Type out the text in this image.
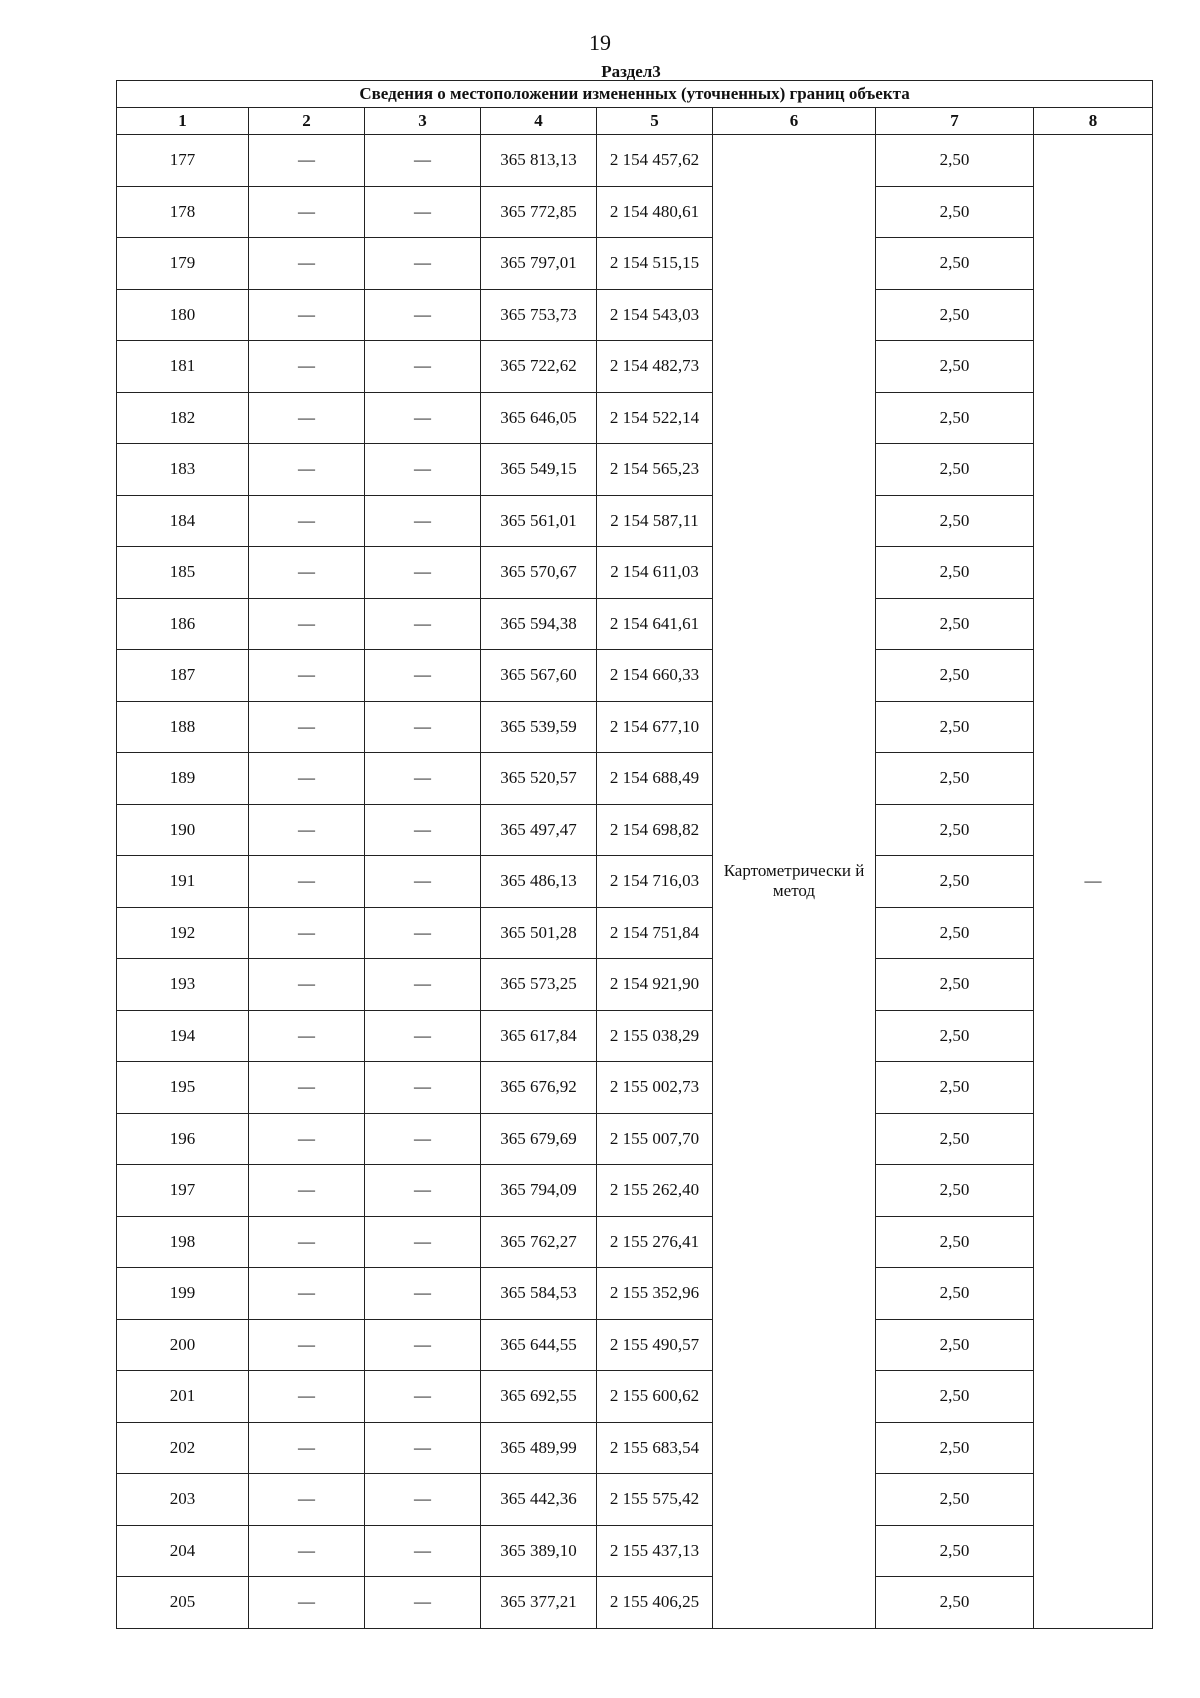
19
Раздел3
Сведения о местоположении измененных (уточненных) границ объекта							
1	2	3	4	5	6	7	8
177	—	—	365 813,13	2 154 457,62	Картометрически й метод	2,50	—
178	—	—	365 772,85	2 154 480,61		2,50	
179	—	—	365 797,01	2 154 515,15		2,50	
180	—	—	365 753,73	2 154 543,03		2,50	
181	—	—	365 722,62	2 154 482,73		2,50	
182	—	—	365 646,05	2 154 522,14		2,50	
183	—	—	365 549,15	2 154 565,23		2,50	
184	—	—	365 561,01	2 154 587,11		2,50	
185	—	—	365 570,67	2 154 611,03		2,50	
186	—	—	365 594,38	2 154 641,61		2,50	
187	—	—	365 567,60	2 154 660,33		2,50	
188	—	—	365 539,59	2 154 677,10		2,50	
189	—	—	365 520,57	2 154 688,49		2,50	
190	—	—	365 497,47	2 154 698,82		2,50	
191	—	—	365 486,13	2 154 716,03		2,50	
192	—	—	365 501,28	2 154 751,84		2,50	
193	—	—	365 573,25	2 154 921,90		2,50	
194	—	—	365 617,84	2 155 038,29		2,50	
195	—	—	365 676,92	2 155 002,73		2,50	
196	—	—	365 679,69	2 155 007,70		2,50	
197	—	—	365 794,09	2 155 262,40		2,50	
198	—	—	365 762,27	2 155 276,41		2,50	
199	—	—	365 584,53	2 155 352,96		2,50	
200	—	—	365 644,55	2 155 490,57		2,50	
201	—	—	365 692,55	2 155 600,62		2,50	
202	—	—	365 489,99	2 155 683,54		2,50	
203	—	—	365 442,36	2 155 575,42		2,50	
204	—	—	365 389,10	2 155 437,13		2,50	
205	—	—	365 377,21	2 155 406,25		2,50	
